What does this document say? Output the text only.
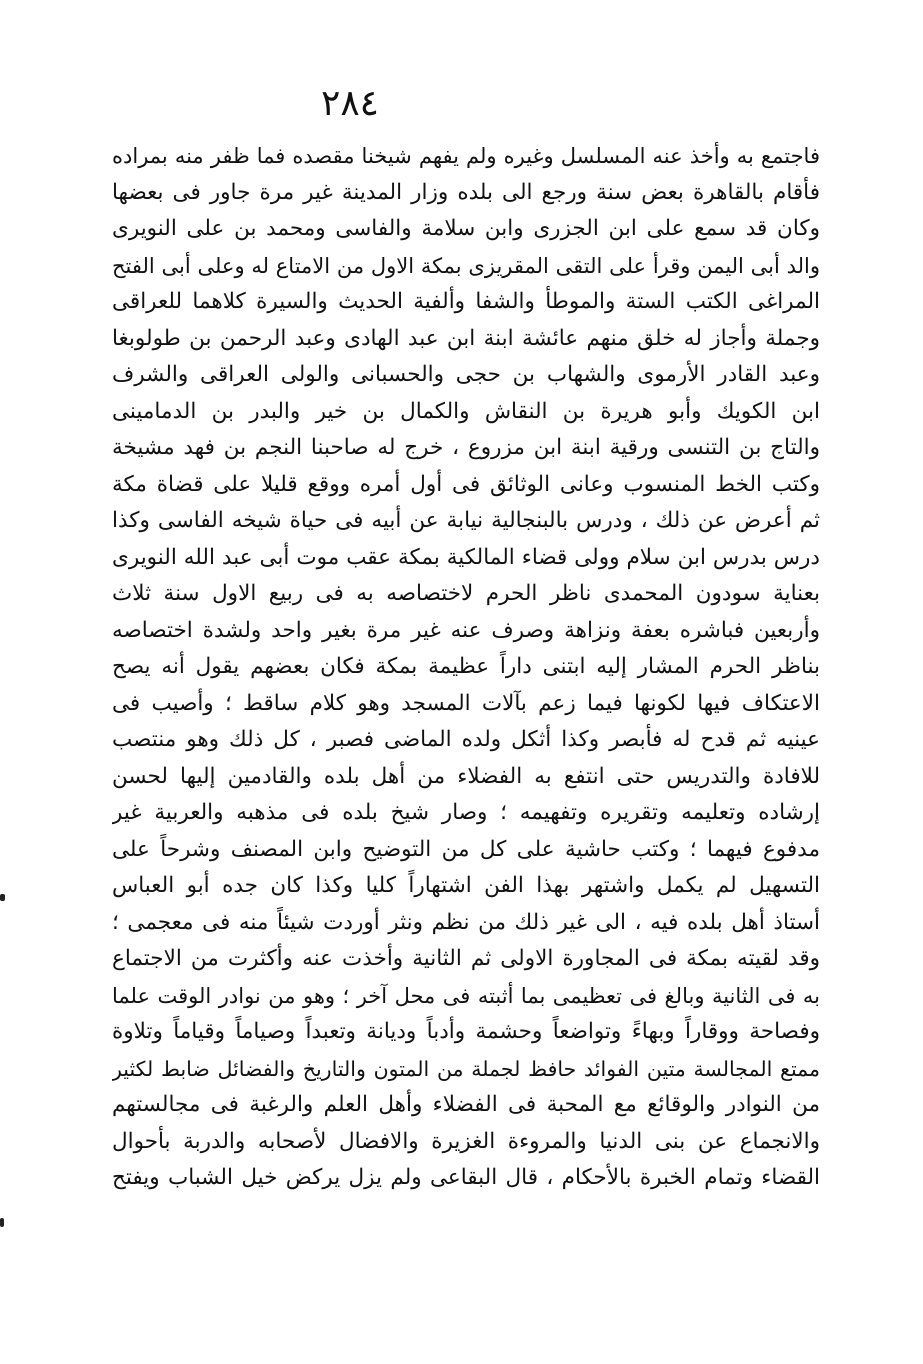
٢٨٤
فاجتمع به وأخذ عنه المسلسل وغيره ولم يفهم شيخنا مقصده فما ظفر منه بمراده
فأقام بالقاهرة بعض سنة ورجع الى بلده وزار المدينة غير مرة جاور فى بعضها
وكان قد سمع على ابن الجزرى وابن سلامة والفاسى ومحمد بن على النويرى
والد أبى اليمن وقرأ على التقى المقريزى بمكة الاول من الامتاع له وعلى أبى الفتح
المراغى الكتب الستة والموطأ والشفا وألفية الحديث والسيرة كلاهما للعراقى
وجملة وأجاز له خلق منهم عائشة ابنة ابن عبد الهادى وعبد الرحمن بن طولوبغا
وعبد القادر الأرموى والشهاب بن حجى والحسبانى والولى العراقى والشرف
ابن الكويك وأبو هريرة بن النقاش والكمال بن خير والبدر بن الدمامينى
والتاج بن التنسى ورقية ابنة ابن مزروع ، خرج له صاحبنا النجم بن فهد مشيخة
وكتب الخط المنسوب وعانى الوثائق فى أول أمره ووقع قليلا على قضاة مكة
ثم أعرض عن ذلك ، ودرس بالبنجالية نيابة عن أبيه فى حياة شيخه الفاسى وكذا
درس بدرس ابن سلام وولى قضاء المالكية بمكة عقب موت أبى عبد الله النويرى
بعناية سودون المحمدى ناظر الحرم لاختصاصه به فى ربيع الاول سنة ثلاث
وأربعين فباشره بعفة ونزاهة وصرف عنه غير مرة بغير واحد ولشدة اختصاصه
بناظر الحرم المشار إليه ابتنى داراً عظيمة بمكة فكان بعضهم يقول أنه يصح
الاعتكاف فيها لكونها فيما زعم بآلات المسجد وهو كلام ساقط ؛ وأصيب فى
عينيه ثم قدح له فأبصر وكذا أثكل ولده الماضى فصبر ، كل ذلك وهو منتصب
للافادة والتدريس حتى انتفع به الفضلاء من أهل بلده والقادمين إليها لحسن
إرشاده وتعليمه وتقريره وتفهيمه ؛ وصار شيخ بلده فى مذهبه والعربية غير
مدفوع فيهما ؛ وكتب حاشية على كل من التوضيح وابن المصنف وشرحاً على
التسهيل لم يكمل واشتهر بهذا الفن اشتهاراً كليا وكذا كان جده أبو العباس
أستاذ أهل بلده فيه ، الى غير ذلك من نظم ونثر أوردت شيئاً منه فى معجمى ؛
وقد لقيته بمكة فى المجاورة الاولى ثم الثانية وأخذت عنه وأكثرت من الاجتماع
به فى الثانية وبالغ فى تعظيمى بما أثبته فى محل آخر ؛ وهو من نوادر الوقت علما
وفصاحة ووقاراً وبهاءً وتواضعاً وحشمة وأدباً وديانة وتعبداً وصياماً وقياماً وتلاوة
ممتع المجالسة متين الفوائد حافظ لجملة من المتون والتاريخ والفضائل ضابط لكثير
من النوادر والوقائع مع المحبة فى الفضلاء وأهل العلم والرغبة فى مجالستهم
والانجماع عن بنى الدنيا والمروءة الغزيرة والافضال لأصحابه والدربة بأحوال
القضاء وتمام الخبرة بالأحكام ، قال البقاعى ولم يزل يركض خيل الشباب ويفتح
